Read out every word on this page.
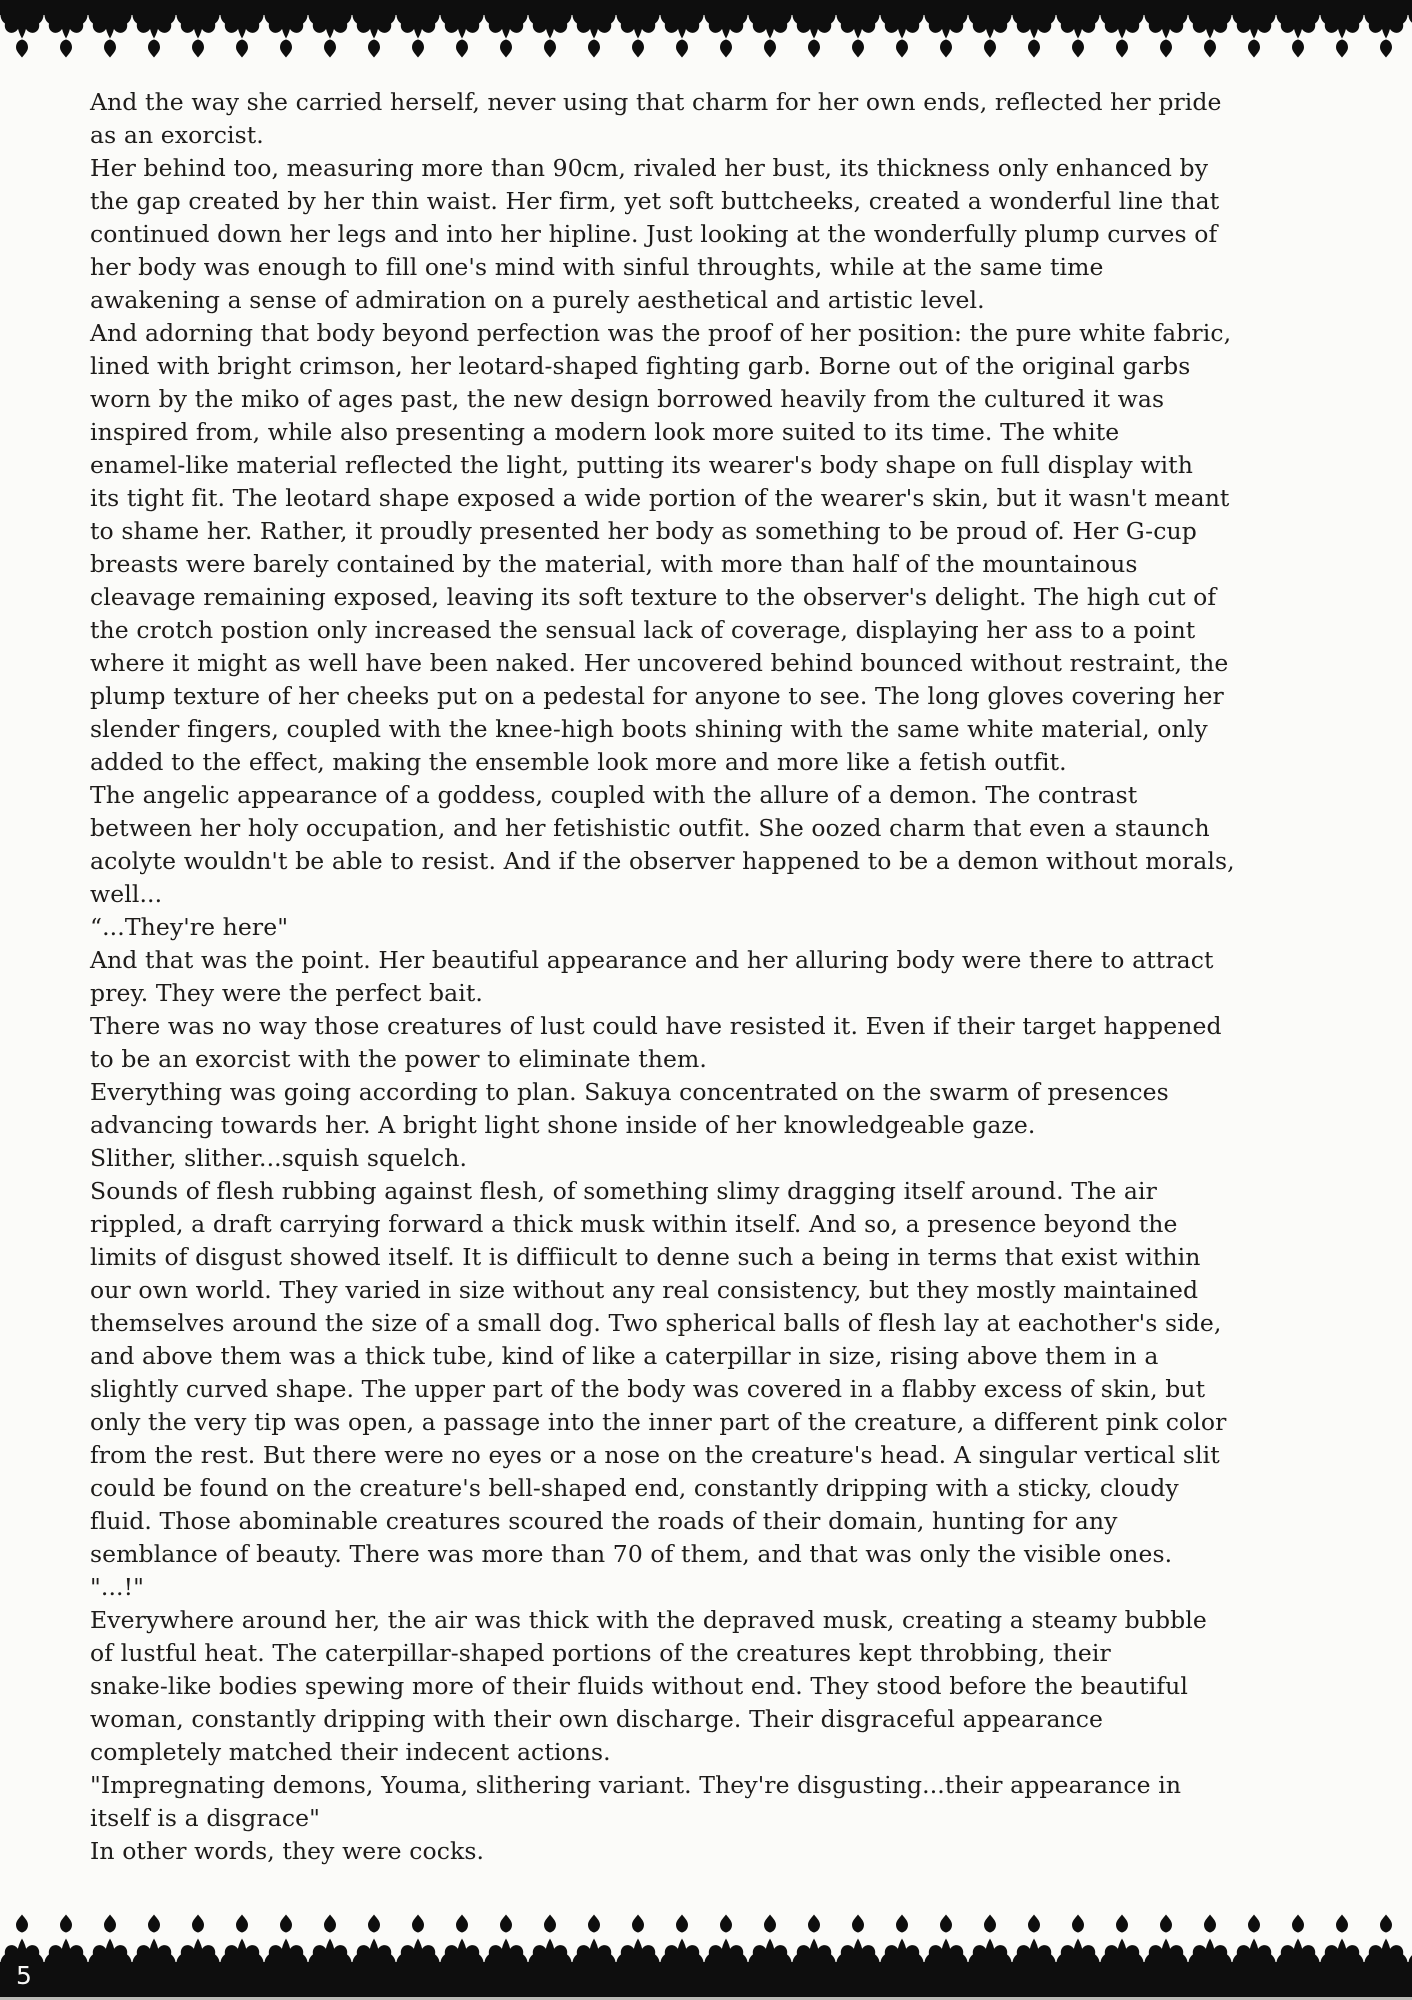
And the way she carried herself, never using that charm for her own ends, reflected her pride
as an exorcist.
Her behind too, measuring more than 90cm, rivaled her bust, its thickness only enhanced by
the gap created by her thin waist. Her firm, yet soft buttcheeks, created a wonderful line that
continued down her legs and into her hipline. Just looking at the wonderfully plump curves of
her body was enough to fill one's mind with sinful throughts, while at the same time
awakening a sense of admiration on a purely aesthetical and artistic level.
And adorning that body beyond perfection was the proof of her position: the pure white fabric,
lined with bright crimson, her leotard-shaped fighting garb. Borne out of the original garbs
worn by the miko of ages past, the new design borrowed heavily from the cultured it was
inspired from, while also presenting a modern look more suited to its time. The white
enamel-like material reflected the light, putting its wearer's body shape on full display with
its tight fit. The leotard shape exposed a wide portion of the wearer's skin, but it wasn't meant
to shame her. Rather, it proudly presented her body as something to be proud of. Her G-cup
breasts were barely contained by the material, with more than half of the mountainous
cleavage remaining exposed, leaving its soft texture to the observer's delight. The high cut of
the crotch postion only increased the sensual lack of coverage, displaying her ass to a point
where it might as well have been naked. Her uncovered behind bounced without restraint, the
plump texture of her cheeks put on a pedestal for anyone to see. The long gloves covering her
slender fingers, coupled with the knee-high boots shining with the same white material, only
added to the effect, making the ensemble look more and more like a fetish outfit.
The angelic appearance of a goddess, coupled with the allure of a demon. The contrast
between her holy occupation, and her fetishistic outfit. She oozed charm that even a staunch
acolyte wouldn't be able to resist. And if the observer happened to be a demon without morals,
well...
“...They're here"
And that was the point. Her beautiful appearance and her alluring body were there to attract
prey. They were the perfect bait.
There was no way those creatures of lust could have resisted it. Even if their target happened
to be an exorcist with the power to eliminate them.
Everything was going according to plan. Sakuya concentrated on the swarm of presences
advancing towards her. A bright light shone inside of her knowledgeable gaze.
Slither, slither...squish squelch.
Sounds of flesh rubbing against flesh, of something slimy dragging itself around. The air
rippled, a draft carrying forward a thick musk within itself. And so, a presence beyond the
limits of disgust showed itself. It is diffiicult to denne such a being in terms that exist within
our own world. They varied in size without any real consistency, but they mostly maintained
themselves around the size of a small dog. Two spherical balls of flesh lay at eachother's side,
and above them was a thick tube, kind of like a caterpillar in size, rising above them in a
slightly curved shape. The upper part of the body was covered in a flabby excess of skin, but
only the very tip was open, a passage into the inner part of the creature, a different pink color
from the rest. But there were no eyes or a nose on the creature's head. A singular vertical slit
could be found on the creature's bell-shaped end, constantly dripping with a sticky, cloudy
fluid. Those abominable creatures scoured the roads of their domain, hunting for any
semblance of beauty. There was more than 70 of them, and that was only the visible ones.
"...!"
Everywhere around her, the air was thick with the depraved musk, creating a steamy bubble
of lustful heat. The caterpillar-shaped portions of the creatures kept throbbing, their
snake-like bodies spewing more of their fluids without end. They stood before the beautiful
woman, constantly dripping with their own discharge. Their disgraceful appearance
completely matched their indecent actions.
"Impregnating demons, Youma, slithering variant. They're disgusting...their appearance in
itself is a disgrace"
In other words, they were cocks.
5
